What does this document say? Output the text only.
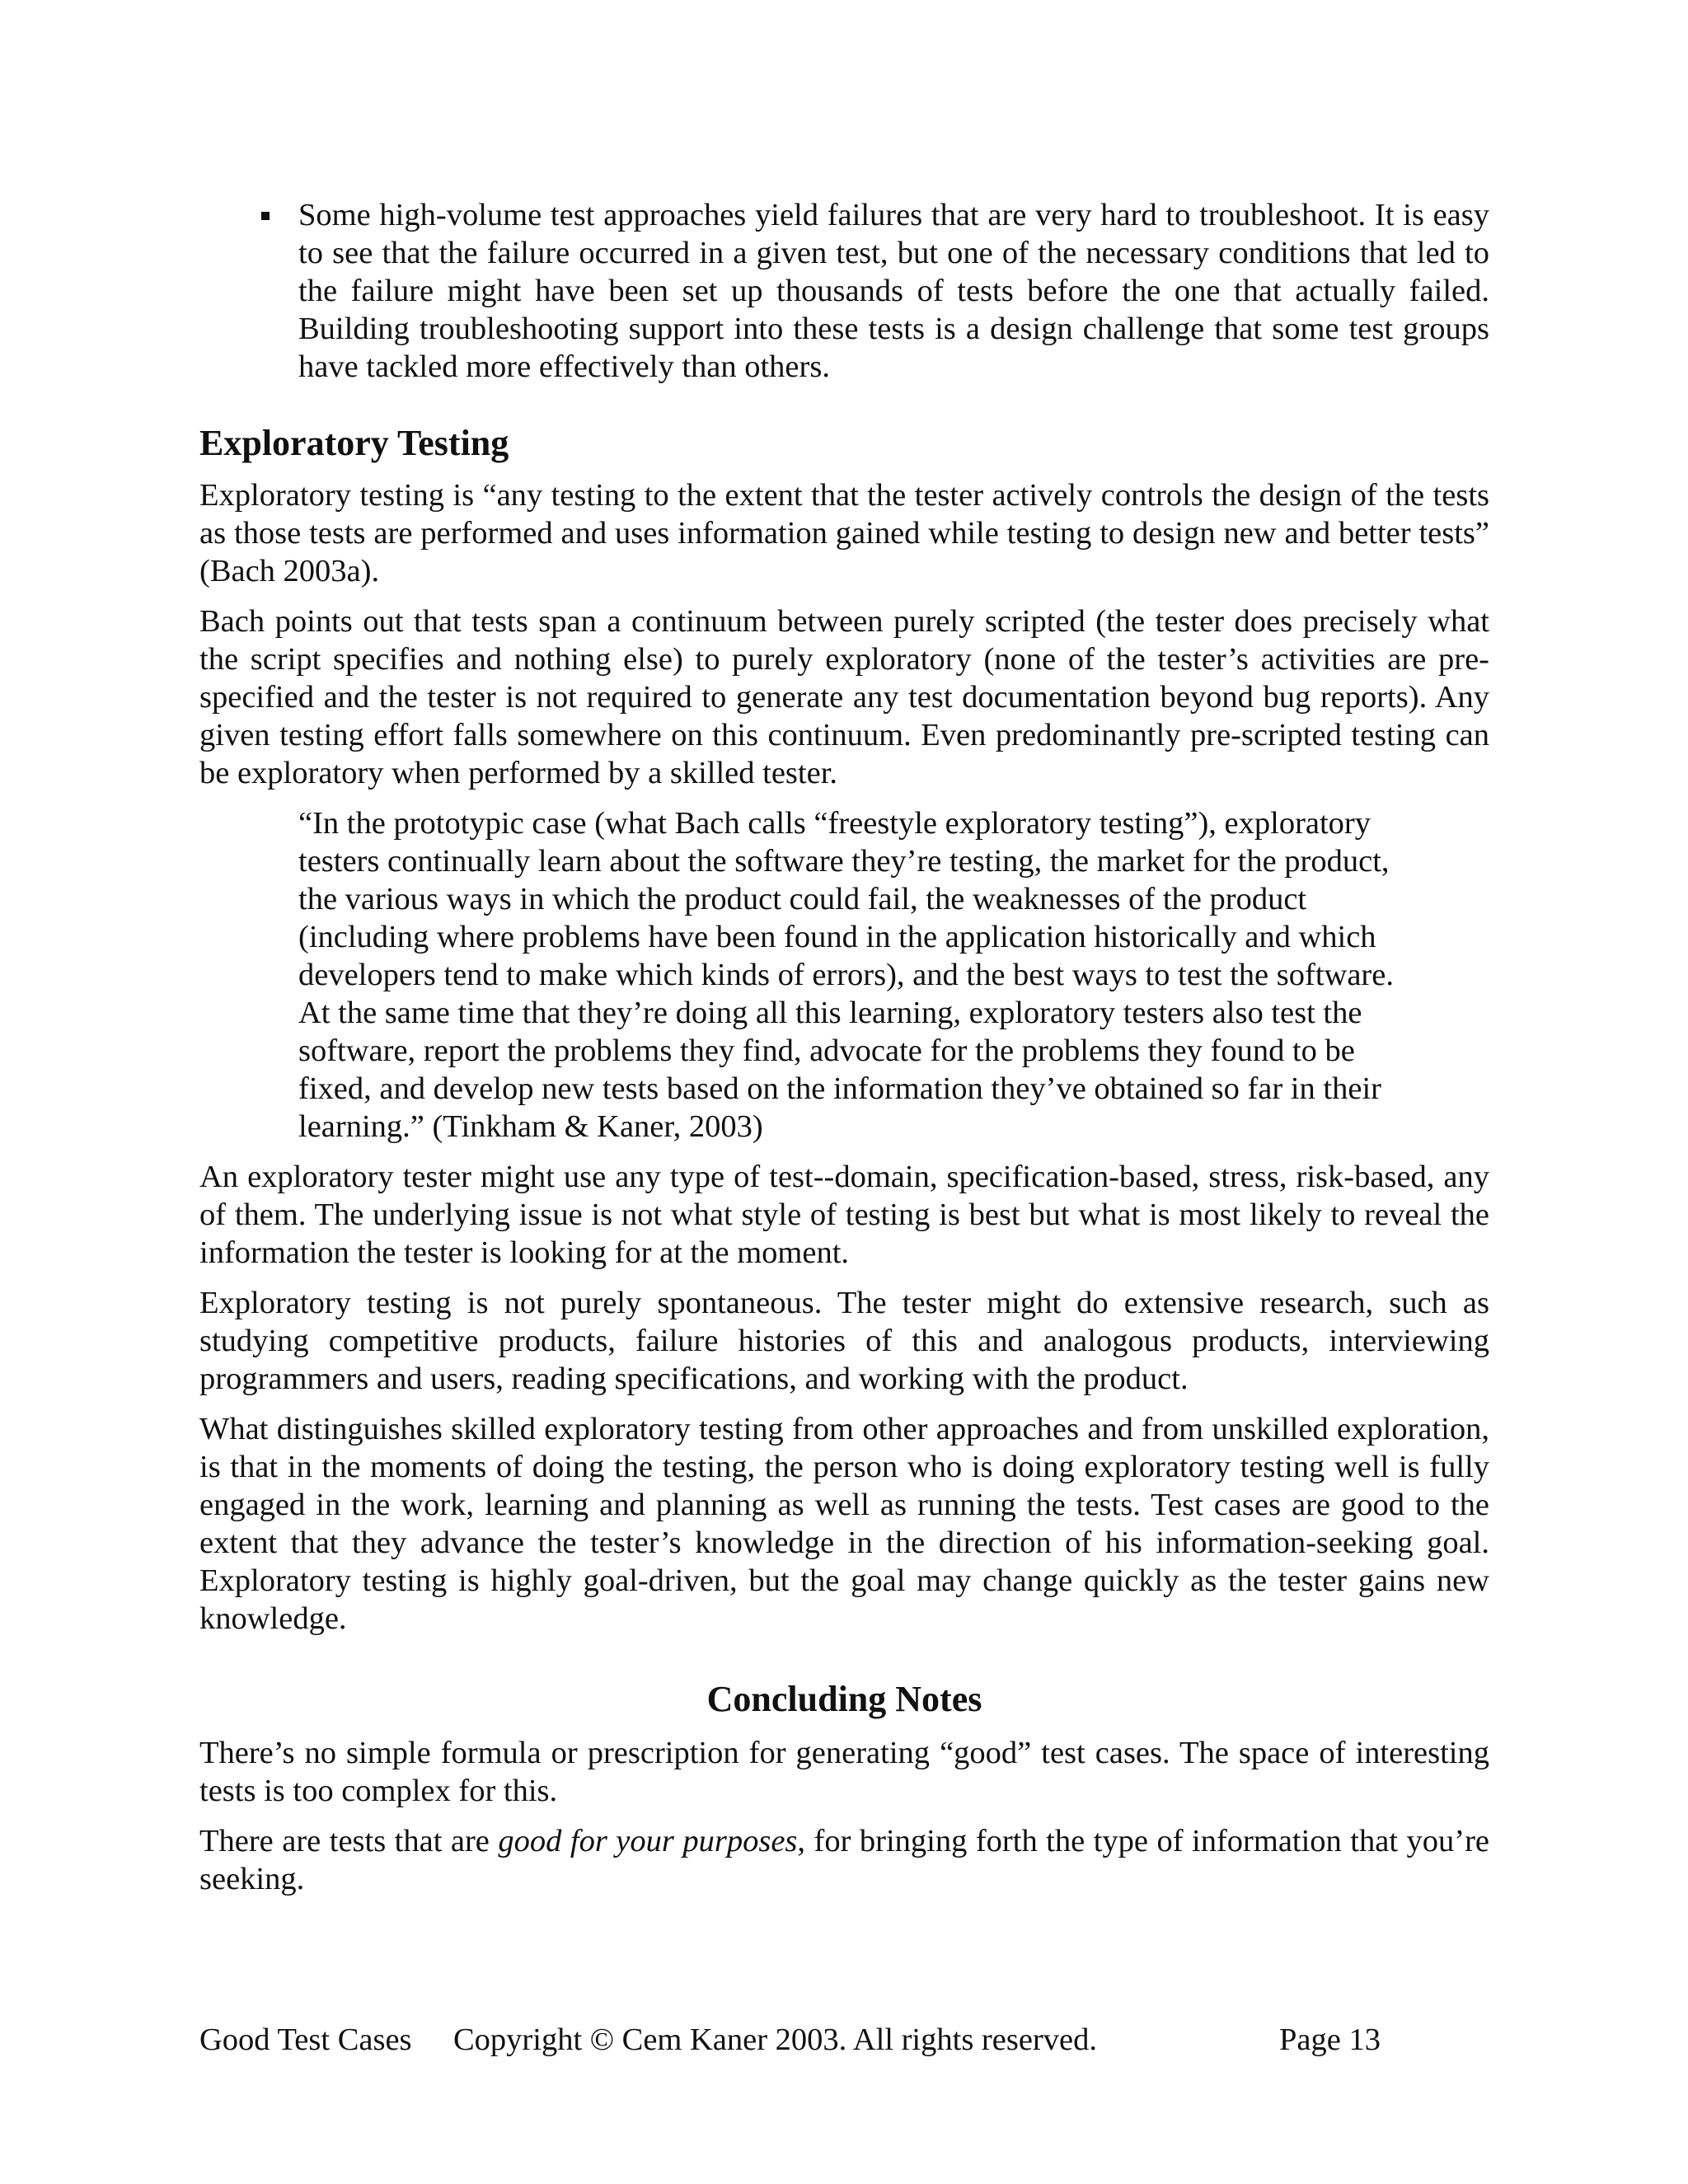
Some high-volume test approaches yield failures that are very hard to troubleshoot. It is easy to see that the failure occurred in a given test, but one of the necessary conditions that led to the failure might have been set up thousands of tests before the one that actually failed. Building troubleshooting support into these tests is a design challenge that some test groups have tackled more effectively than others.

Exploratory Testing

Exploratory testing is “any testing to the extent that the tester actively controls the design of the tests as those tests are performed and uses information gained while testing to design new and better tests” (Bach 2003a).

Bach points out that tests span a continuum between purely scripted (the tester does precisely what the script specifies and nothing else) to purely exploratory (none of the tester’s activities are pre-specified and the tester is not required to generate any test documentation beyond bug reports). Any given testing effort falls somewhere on this continuum. Even predominantly pre-scripted testing can be exploratory when performed by a skilled tester.

“In the prototypic case (what Bach calls “freestyle exploratory testing”), exploratory testers continually learn about the software they’re testing, the market for the product, the various ways in which the product could fail, the weaknesses of the product (including where problems have been found in the application historically and which developers tend to make which kinds of errors), and the best ways to test the software. At the same time that they’re doing all this learning, exploratory testers also test the software, report the problems they find, advocate for the problems they found to be fixed, and develop new tests based on the information they’ve obtained so far in their learning.” (Tinkham & Kaner, 2003)

An exploratory tester might use any type of test--domain, specification-based, stress, risk-based, any of them. The underlying issue is not what style of testing is best but what is most likely to reveal the information the tester is looking for at the moment.

Exploratory testing is not purely spontaneous. The tester might do extensive research, such as studying competitive products, failure histories of this and analogous products, interviewing programmers and users, reading specifications, and working with the product.

What distinguishes skilled exploratory testing from other approaches and from unskilled exploration, is that in the moments of doing the testing, the person who is doing exploratory testing well is fully engaged in the work, learning and planning as well as running the tests. Test cases are good to the extent that they advance the tester’s knowledge in the direction of his information-seeking goal. Exploratory testing is highly goal-driven, but the goal may change quickly as the tester gains new knowledge.

Concluding Notes

There’s no simple formula or prescription for generating “good” test cases. The space of interesting tests is too complex for this.

There are tests that are good for your purposes, for bringing forth the type of information that you’re seeking.

Good Test Cases Copyright © Cem Kaner 2003. All rights reserved.	Page 13
